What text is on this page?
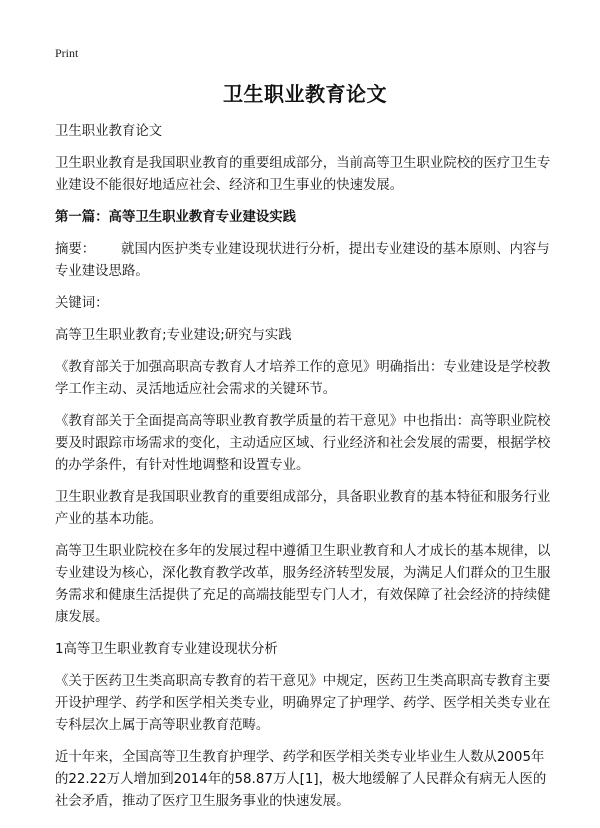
Print
卫生职业教育论文
卫生职业教育论文
卫生职业教育是我国职业教育的重要组成部分，当前高等卫生职业院校的医疗卫生专业建设不能很好地适应社会、经济和卫生事业的快速发展。
第一篇：高等卫生职业教育专业建设实践
摘要： 就国内医护类专业建设现状进行分析，提出专业建设的基本原则、内容与专业建设思路。
关键词：
高等卫生职业教育;专业建设;研究与实践
《教育部关于加强高职高专教育人才培养工作的意见》明确指出：专业建设是学校教学工作主动、灵活地适应社会需求的关键环节。
《教育部关于全面提高高等职业教育教学质量的若干意见》中也指出：高等职业院校要及时跟踪市场需求的变化，主动适应区域、行业经济和社会发展的需要，根据学校的办学条件，有针对性地调整和设置专业。
卫生职业教育是我国职业教育的重要组成部分，具备职业教育的基本特征和服务行业产业的基本功能。
高等卫生职业院校在多年的发展过程中遵循卫生职业教育和人才成长的基本规律，以专业建设为核心，深化教育教学改革，服务经济转型发展，为满足人们群众的卫生服务需求和健康生活提供了充足的高端技能型专门人才，有效保障了社会经济的持续健康发展。
1高等卫生职业教育专业建设现状分析
《关于医药卫生类高职高专教育的若干意见》中规定，医药卫生类高职高专教育主要开设护理学、药学和医学相关类专业，明确界定了护理学、药学、医学相关类专业在专科层次上属于高等职业教育范畴。
近十年来，全国高等卫生教育护理学、药学和医学相关类专业毕业生人数从2005年的22.22万人增加到2014年的58.87万人[1]，极大地缓解了人民群众有病无人医的社会矛盾，推动了医疗卫生服务事业的快速发展。
